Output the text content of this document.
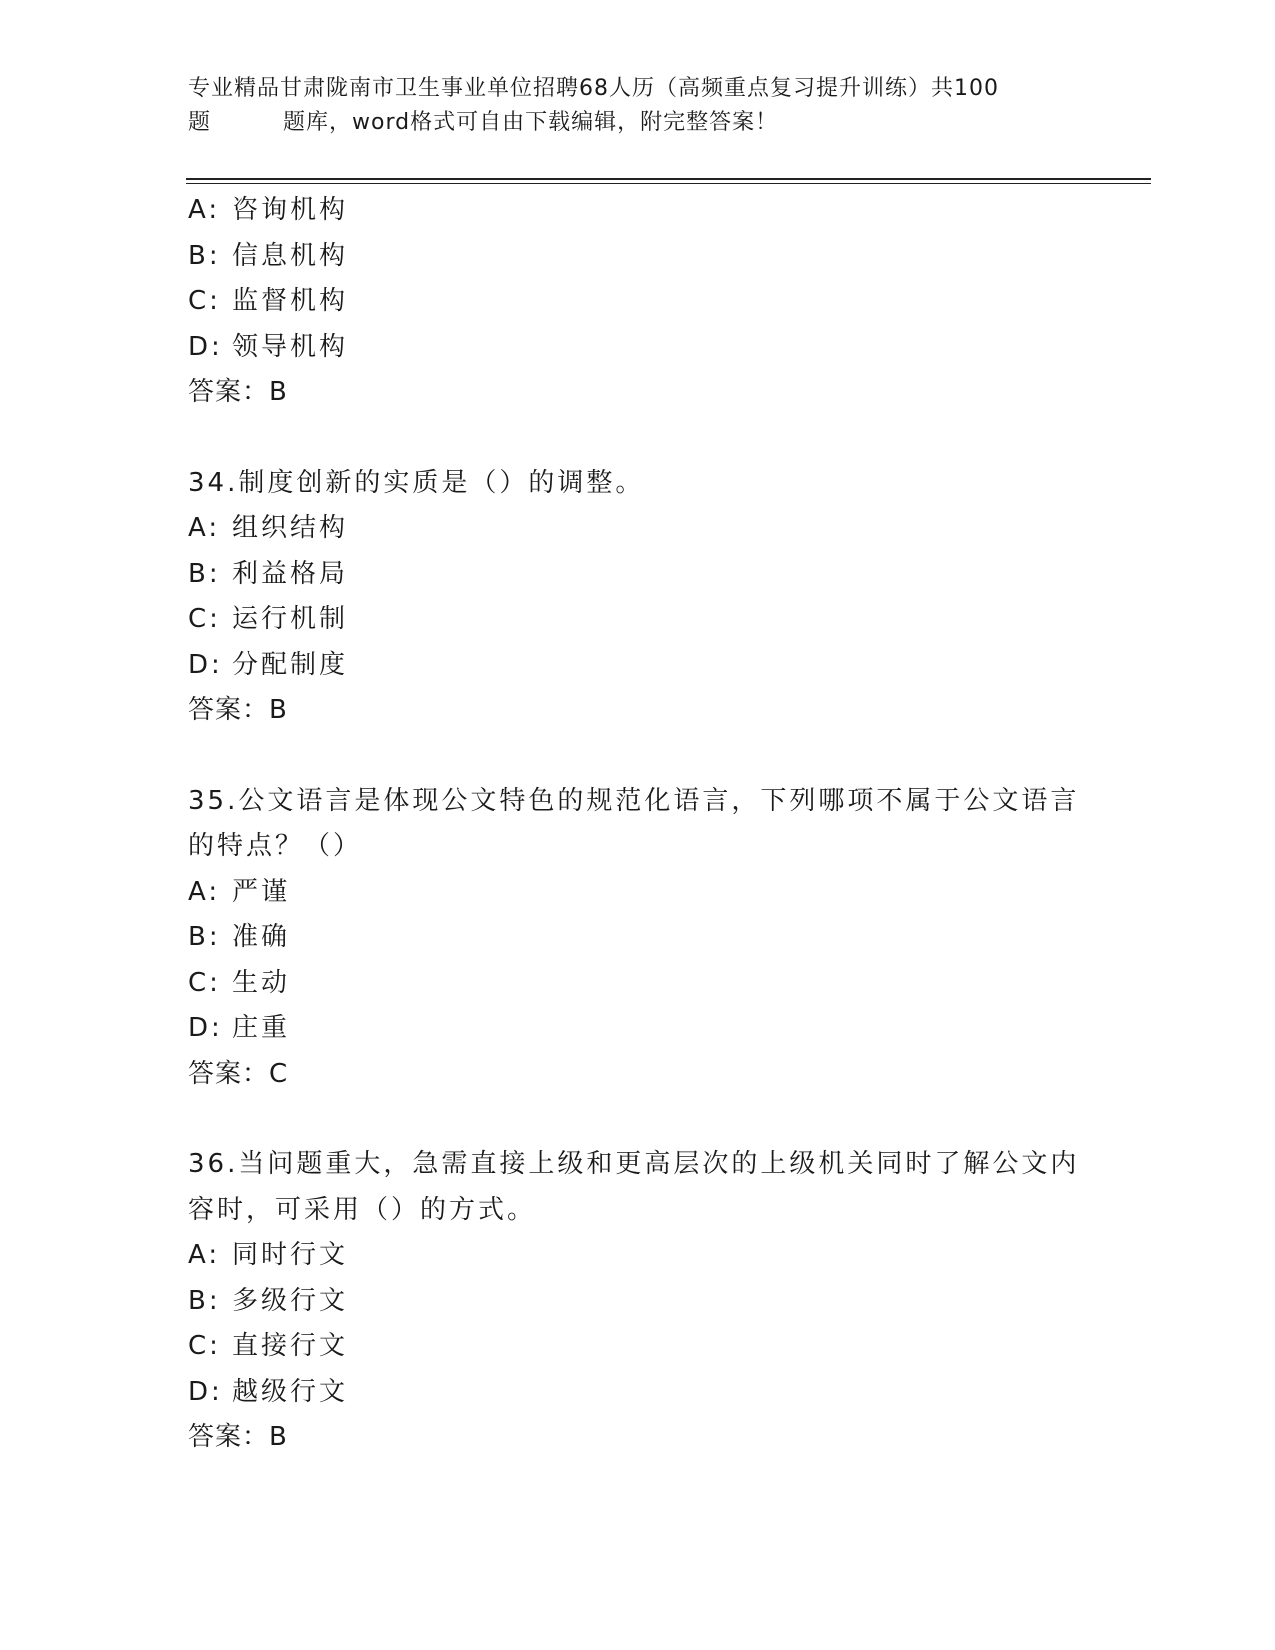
专业精品甘肃陇南市卫生事业单位招聘68人历（高频重点复习提升训练）共100
题	题库，word格式可自由下载编辑，附完整答案！

A: 咨询机构

B: 信息机构

C: 监督机构

D: 领导机构

答案：B

34.制度创新的实质是（）的调整。

A: 组织结构

B: 利益格局

C: 运行机制

D: 分配制度

答案：B

35.公文语言是体现公文特色的规范化语言，下列哪项不属于公文语言的特点？（）

A: 严谨

B: 准确

C: 生动

D: 庄重

答案：C

36.当问题重大，急需直接上级和更高层次的上级机关同时了解公文内容时，可采用（）的方式。

A: 同时行文

B: 多级行文

C: 直接行文

D: 越级行文

答案：B
